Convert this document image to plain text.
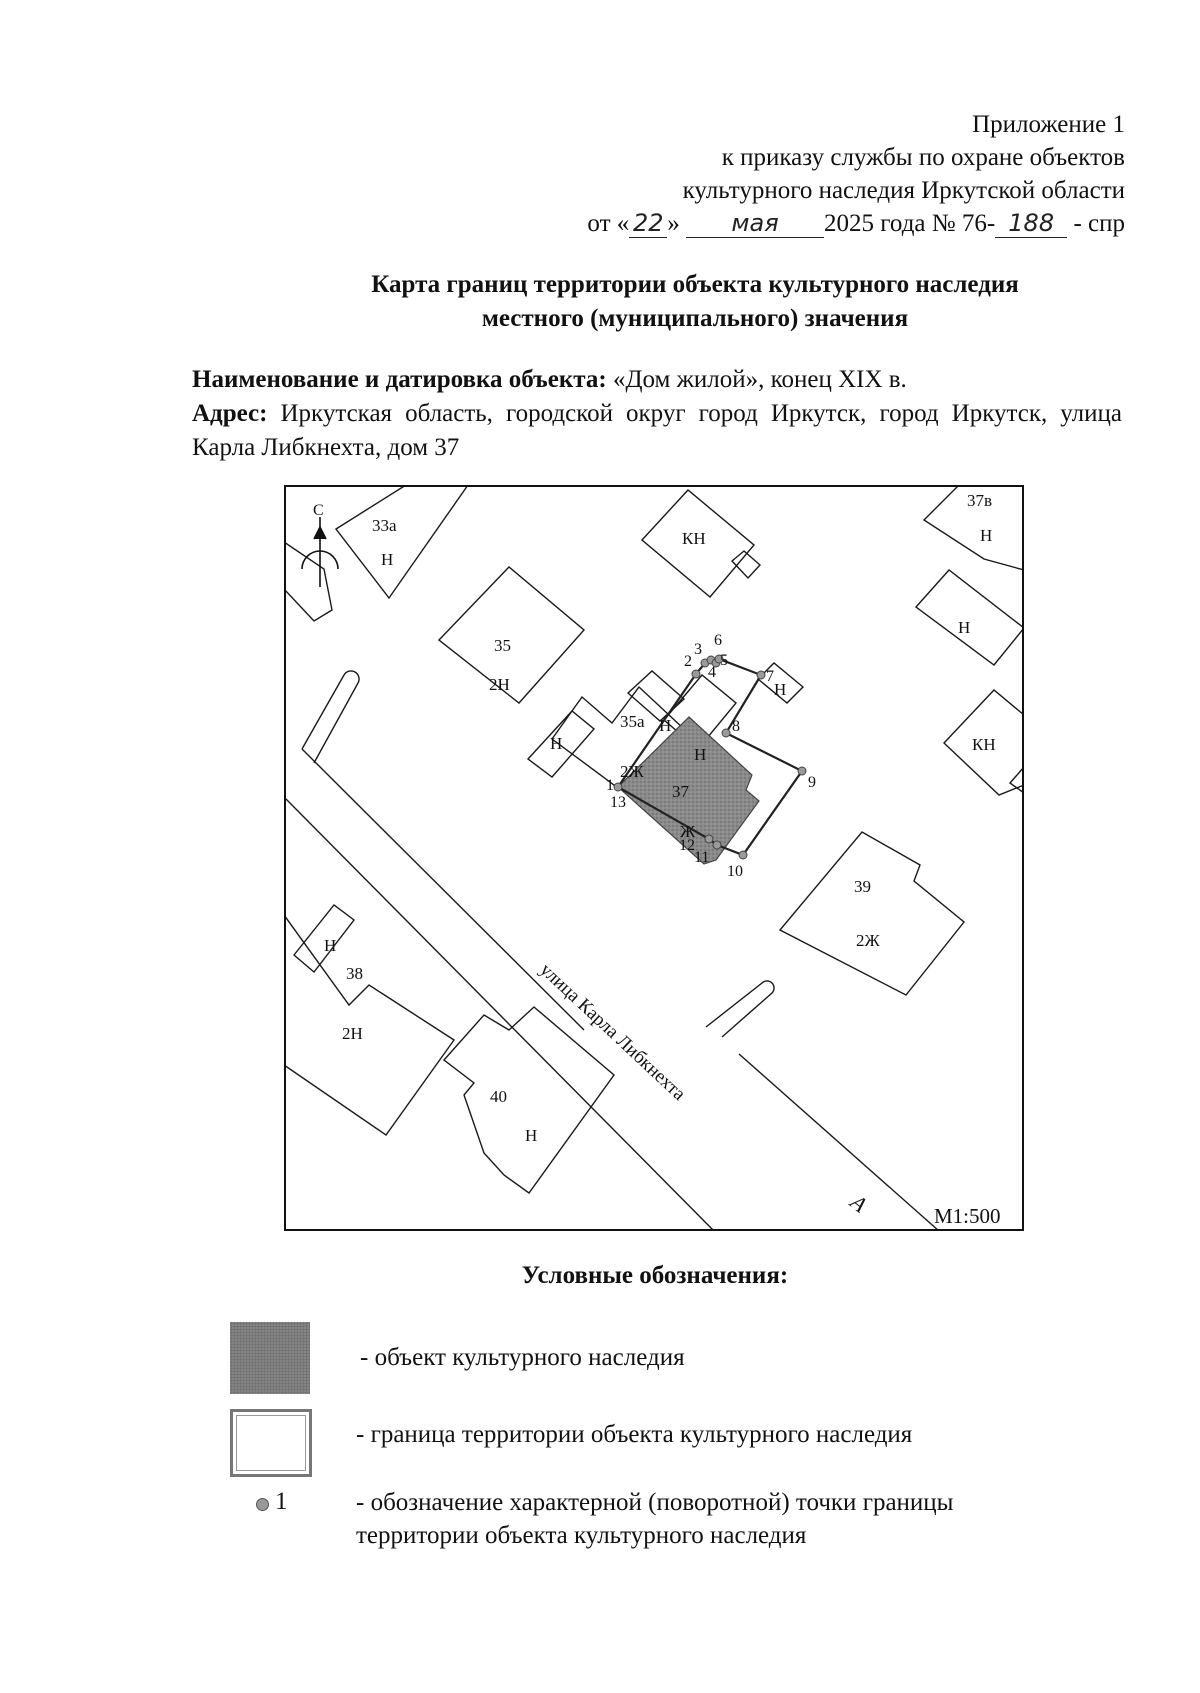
Приложение 1
к приказу службы по охране объектов
культурного наследия Иркутской области
от « 22 » мая 2025 года № 76- 188 - спр
Карта границ территории объекта культурного наследия
местного (муниципального) значения
Наименование и датировка объекта: «Дом жилой», конец XIX в.
Адрес: Иркутская область, городской округ город Иркутск, город Иркутск, улица Карла Либкнехта, дом 37
1
2
3
4
5
6
7
8
9
10
11
12
13
33а
Н
КН
37в
Н
Н
35
2Н
35а
2Ж
Н
Н
Н
Н
37
Ж
КН
39
2Ж
Н
38
2Н
40
Н
улица Карла Либкнехта
А
С
М1:500
Условные обозначения:
- объект культурного наследия
- граница территории объекта культурного наследия
1	- обозначение характерной (поворотной) точки границы
территории объекта культурного наследия
